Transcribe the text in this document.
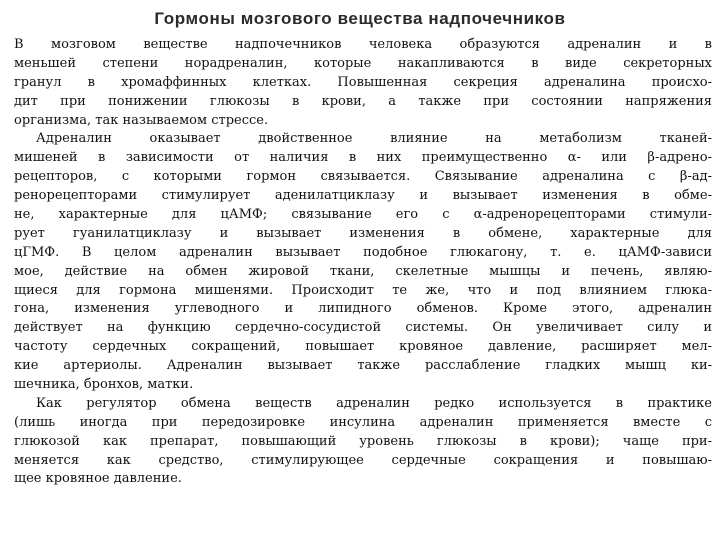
Гормоны мозгового вещества надпочечников
В мозговом веществе надпочечников человека образуются адреналин и в
меньшей степени норадреналин, которые накапливаются в виде секреторных
гранул в хромаффинных клетках. Повышенная секреция адреналина происхо-
дит при понижении глюкозы в крови, а также при состоянии напряжения
организма, так называемом стрессе.
Адреналин оказывает двойственное влияние на метаболизм тканей-
мишеней в зависимости от наличия в них преимущественно α- или β-адрено-
рецепторов, с которыми гормон связывается. Связывание адреналина с β-ад-
ренорецепторами стимулирует аденилатциклазу и вызывает изменения в обме-
не, характерные для цАМФ; связывание его с α-адренорецепторами стимули-
рует гуанилатциклазу и вызывает изменения в обмене, характерные для
цГМФ. В целом адреналин вызывает подобное глюкагону, т. е. цАМФ-зависи
мое, действие на обмен жировой ткани, скелетные мышцы и печень, являю-
щиеся для гормона мишенями. Происходит те же, что и под влиянием глюка-
гона, изменения углеводного и липидного обменов. Кроме этого, адреналин
действует на функцию сердечно-сосудистой системы. Он увеличивает силу и
частоту сердечных сокращений, повышает кровяное давление, расширяет мел-
кие артериолы. Адреналин вызывает также расслабление гладких мышц ки-
шечника, бронхов, матки.
Как регулятор обмена веществ адреналин редко используется в практике
(лишь иногда при передозировке инсулина адреналин применяется вместе с
глюкозой как препарат, повышающий уровень глюкозы в крови); чаще при-
меняется как средство, стимулирующее сердечные сокращения и повышаю-
щее кровяное давление.
